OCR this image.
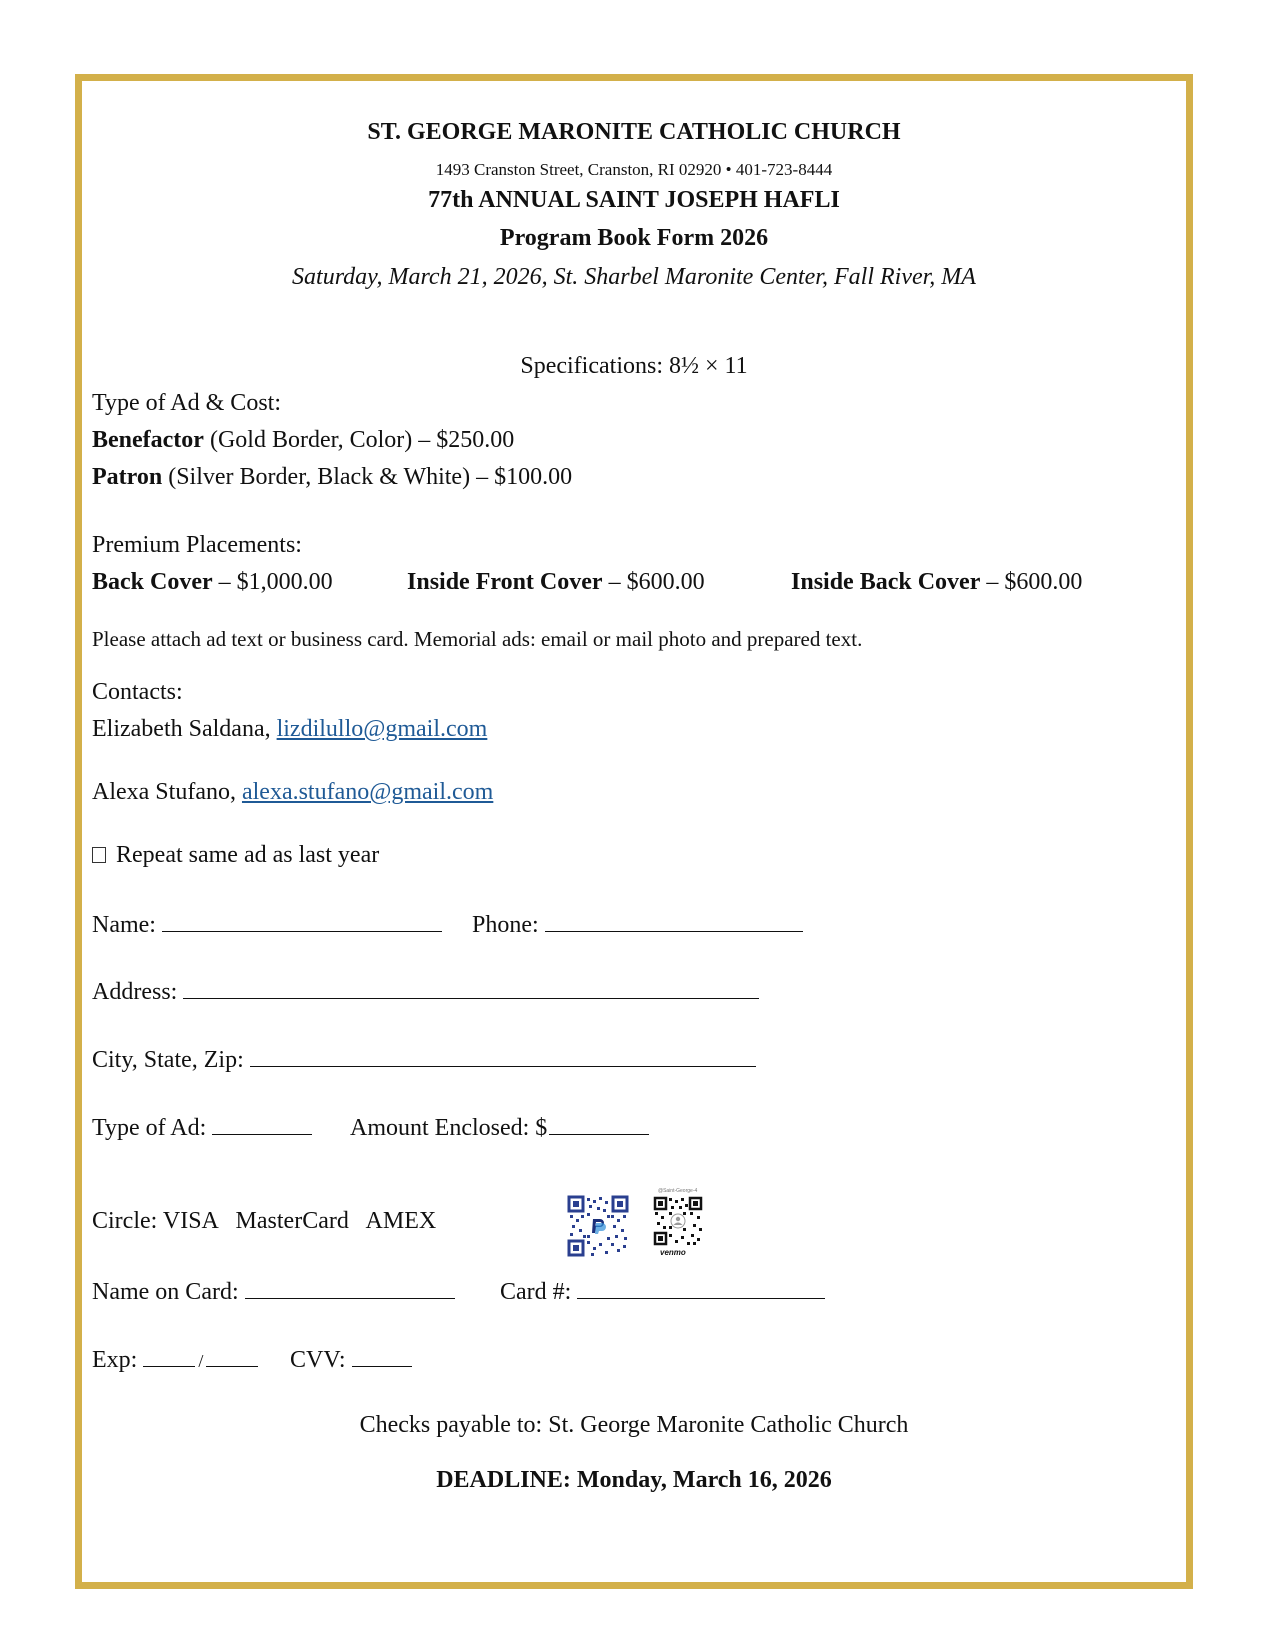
ST. GEORGE MARONITE CATHOLIC CHURCH
1493 Cranston Street, Cranston, RI 02920 • 401-723-8444
77th ANNUAL SAINT JOSEPH HAFLI
Program Book Form 2026
Saturday, March 21, 2026, St. Sharbel Maronite Center, Fall River, MA
Specifications: 8½ × 11
Type of Ad & Cost:
Benefactor (Gold Border, Color) – $250.00
Patron (Silver Border, Black & White) – $100.00
Premium Placements:
Back Cover – $1,000.00	Inside Front Cover – $600.00	Inside Back Cover – $600.00
Please attach ad text or business card. Memorial ads: email or mail photo and prepared text.
Contacts:
Elizabeth Saldana, lizdilullo@gmail.com
Alexa Stufano, alexa.stufano@gmail.com
Repeat same ad as last year
Name:	Phone:
Address:
City, State, Zip:
Type of Ad:	Amount Enclosed: $
Circle: VISA   MasterCard   AMEX
@Saint-George-4
venmo
Name on Card:	Card #:
Exp:	/	CVV:
Checks payable to: St. George Maronite Catholic Church
DEADLINE: Monday, March 16, 2026
